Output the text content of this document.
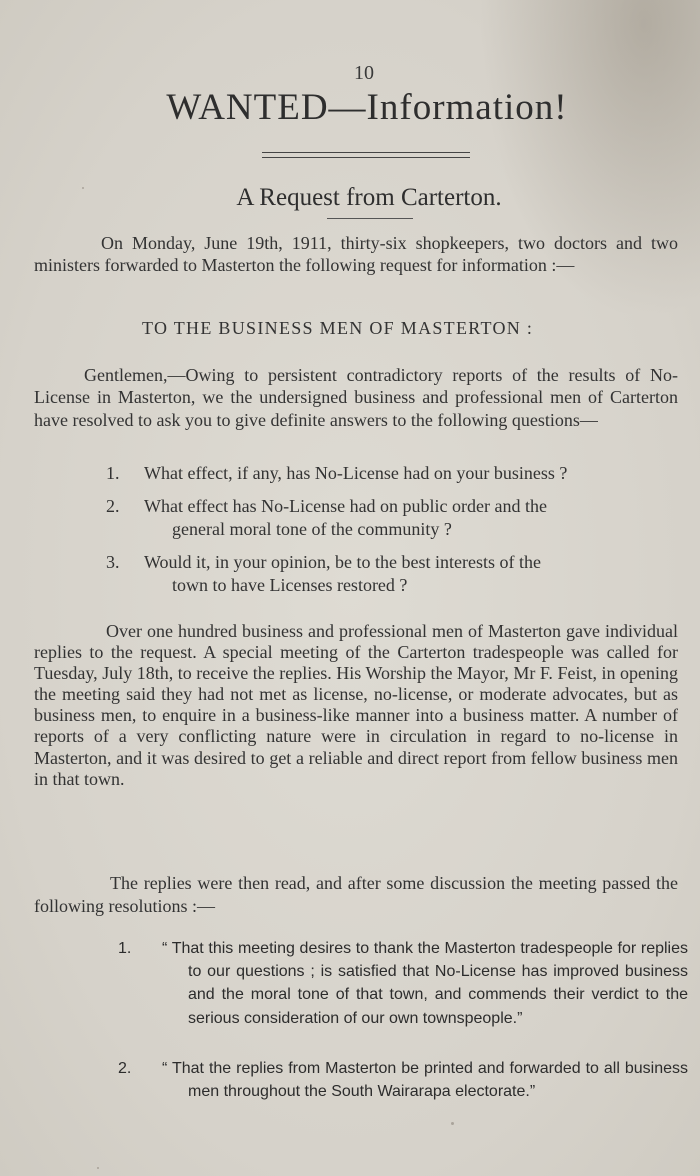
10
WANTED—Information!
A Request from Carterton.
On Monday, June 19th, 1911, thirty-six shopkeepers, two doctors and two ministers forwarded to Masterton the following request for information :—
TO THE BUSINESS MEN OF MASTERTON :
Gentlemen,—Owing to persistent contradictory reports of the results of No-License in Masterton, we the undersigned business and professional men of Carterton have resolved to ask you to give definite answers to the following questions—
1.	What effect, if any, has No-License had on your business ?
2.	What effect has No-License had on public order and the
general moral tone of the community ?
3.	Would it, in your opinion, be to the best interests of the
town to have Licenses restored ?
Over one hundred business and professional men of Masterton gave individual replies to the request. A special meeting of the Carterton tradespeople was called for Tuesday, July 18th, to receive the replies. His Worship the Mayor, Mr F. Feist, in opening the meeting said they had not met as license, no-license, or moderate advocates, but as business men, to enquire in a business-like manner into a business matter. A number of reports of a very conflicting nature were in circulation in regard to no-license in Masterton, and it was desired to get a reliable and direct report from fellow business men in that town.
The replies were then read, and after some discussion the meeting passed the following resolutions :—
1.	“ That this meeting desires to thank the Masterton tradespeople for replies to our questions ; is satisfied that No-License has improved business and the moral tone of that town, and commends their verdict to the serious consideration of our own townspeople.”
2.	“ That the replies from Masterton be printed and forwarded to all business men throughout the South Wairarapa electorate.”
